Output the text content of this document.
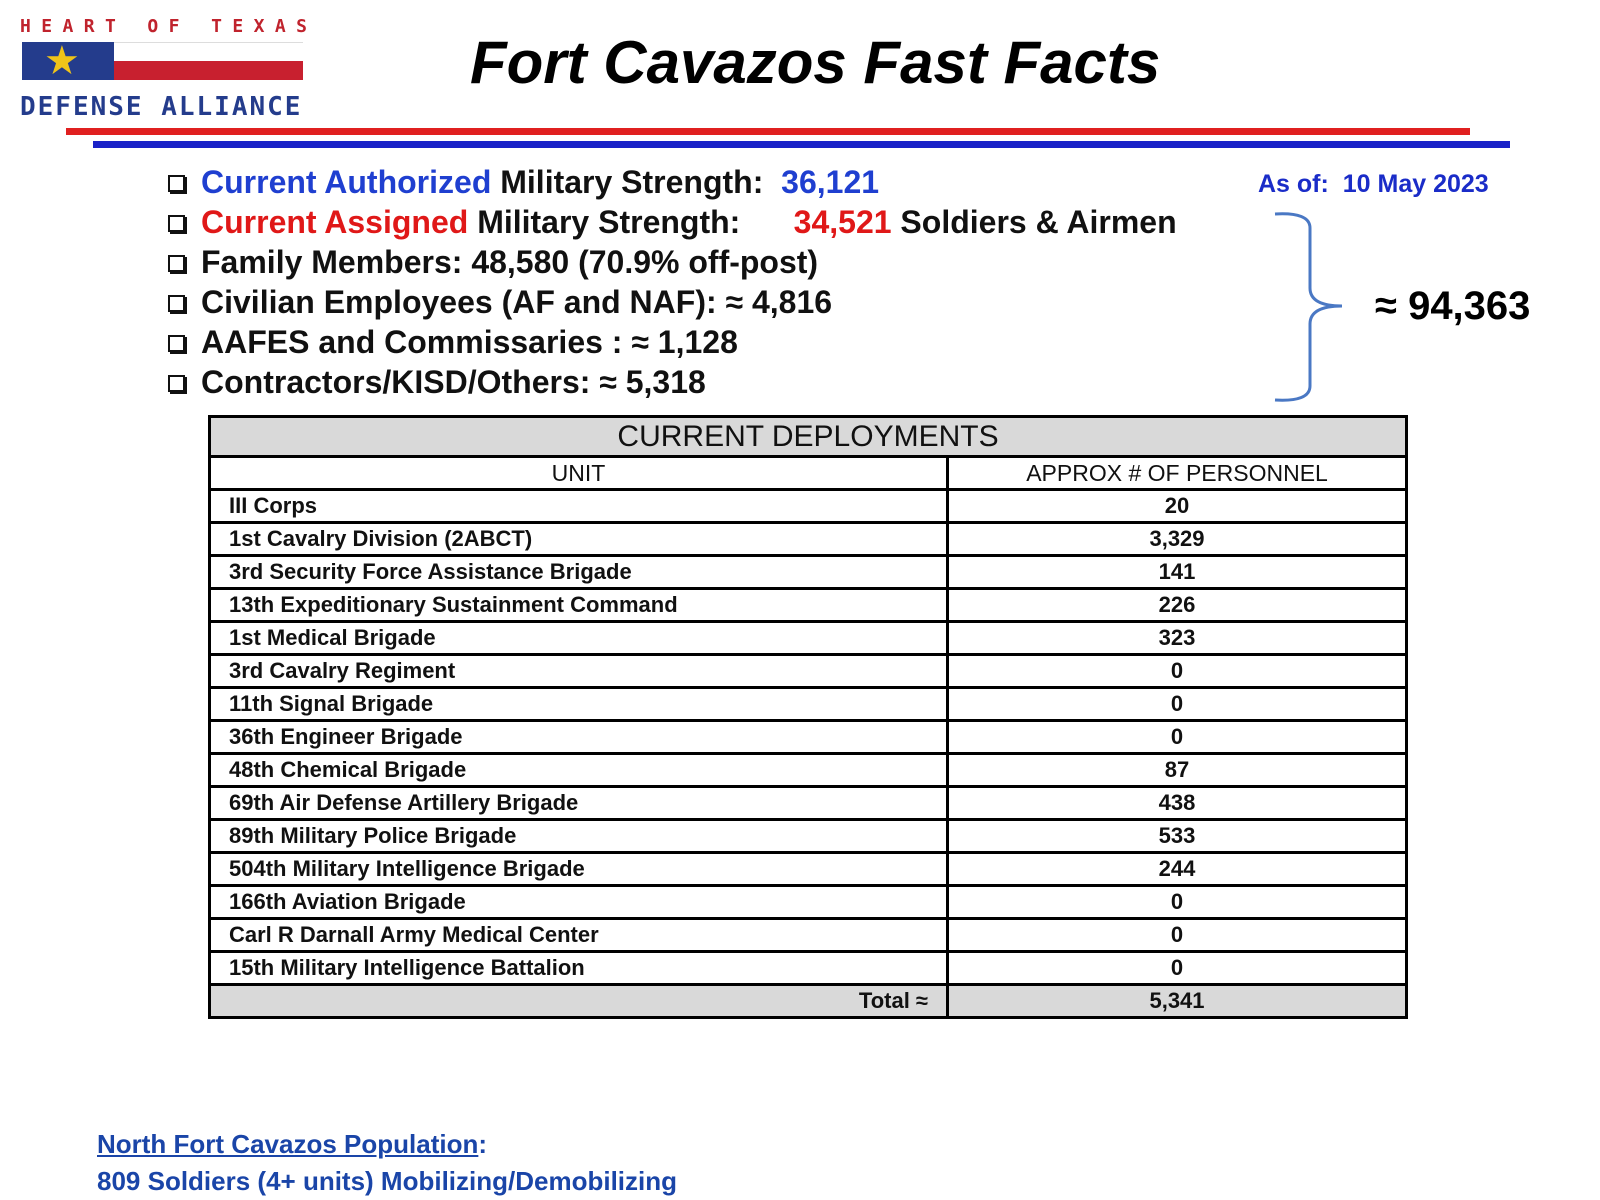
HEART OF TEXAS
★
DEFENSE ALLIANCE
Fort Cavazos Fast Facts
Current Authorized Military Strength: 36,121
Current Assigned Military Strength: 34,521 Soldiers & Airmen
Family Members: 48,580 (70.9% off-post)
Civilian Employees (AF and NAF): ≈ 4,816
AAFES and Commissaries : ≈ 1,128
Contractors/KISD/Others: ≈ 5,318
As of: 10 May 2023
≈ 94,363
CURRENT DEPLOYMENTS	
UNIT	APPROX # OF PERSONNEL
III Corps	20
1st Cavalry Division (2ABCT)	3,329
3rd Security Force Assistance Brigade	141
13th Expeditionary Sustainment Command	226
1st Medical Brigade	323
3rd Cavalry Regiment	0
11th Signal Brigade	0
36th Engineer Brigade	0
48th Chemical Brigade	87
69th Air Defense Artillery Brigade	438
89th Military Police Brigade	533
504th Military Intelligence Brigade	244
166th Aviation Brigade	0
Carl R Darnall Army Medical Center	0
15th Military Intelligence Battalion	0
Total ≈	5,341
North Fort Cavazos Population:
809 Soldiers (4+ units) Mobilizing/Demobilizing
